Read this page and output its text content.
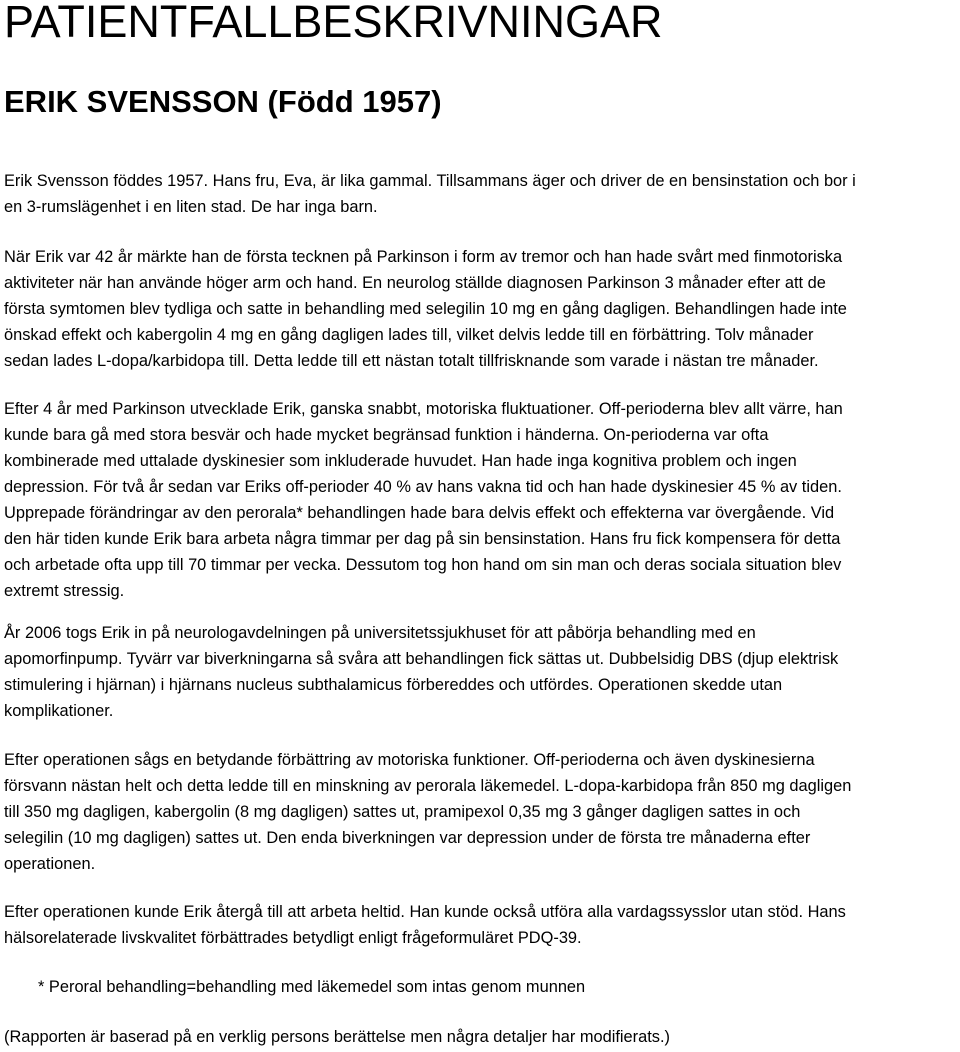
PATIENTFALLBESKRIVNINGAR
ERIK SVENSSON (Född 1957)

Erik Svensson föddes 1957. Hans fru, Eva, är lika gammal. Tillsammans äger och driver de en bensinstation och bor i
en 3-rumslägenhet i en liten stad. De har inga barn.

När Erik var 42 år märkte han de första tecknen på Parkinson i form av tremor och han hade svårt med finmotoriska
aktiviteter när han använde höger arm och hand. En neurolog ställde diagnosen Parkinson 3 månader efter att de
första symtomen blev tydliga och satte in behandling med selegilin 10 mg en gång dagligen. Behandlingen hade inte
önskad effekt och kabergolin 4 mg en gång dagligen lades till, vilket delvis ledde till en förbättring. Tolv månader
sedan lades L-dopa/karbidopa till. Detta ledde till ett nästan totalt tillfrisknande som varade i nästan tre månader.

Efter 4 år med Parkinson utvecklade Erik, ganska snabbt, motoriska fluktuationer. Off-perioderna blev allt värre, han
kunde bara gå med stora besvär och hade mycket begränsad funktion i händerna. On-perioderna var ofta
kombinerade med uttalade dyskinesier som inkluderade huvudet. Han hade inga kognitiva problem och ingen
depression. För två år sedan var Eriks off-perioder 40 % av hans vakna tid och han hade dyskinesier 45 % av tiden.
Upprepade förändringar av den perorala* behandlingen hade bara delvis effekt och effekterna var övergående. Vid
den här tiden kunde Erik bara arbeta några timmar per dag på sin bensinstation. Hans fru fick kompensera för detta
och arbetade ofta upp till 70 timmar per vecka. Dessutom tog hon hand om sin man och deras sociala situation blev
extremt stressig.

År 2006 togs Erik in på neurologavdelningen på universitetssjukhuset för att påbörja behandling med en
apomorfinpump. Tyvärr var biverkningarna så svåra att behandlingen fick sättas ut. Dubbelsidig DBS (djup elektrisk
stimulering i hjärnan) i hjärnans nucleus subthalamicus förbereddes och utfördes. Operationen skedde utan
komplikationer.

Efter operationen sågs en betydande förbättring av motoriska funktioner. Off-perioderna och även dyskinesierna
försvann nästan helt och detta ledde till en minskning av perorala läkemedel. L-dopa-karbidopa från 850 mg dagligen
till 350 mg dagligen, kabergolin (8 mg dagligen) sattes ut, pramipexol 0,35 mg 3 gånger dagligen sattes in och
selegilin (10 mg dagligen) sattes ut. Den enda biverkningen var depression under de första tre månaderna efter
operationen.

Efter operationen kunde Erik återgå till att arbeta heltid. Han kunde också utföra alla vardagssysslor utan stöd. Hans
hälsorelaterade livskvalitet förbättrades betydligt enligt frågeformuläret PDQ-39.

* Peroral behandling=behandling med läkemedel som intas genom munnen
(Rapporten är baserad på en verklig persons berättelse men några detaljer har modifierats.)
